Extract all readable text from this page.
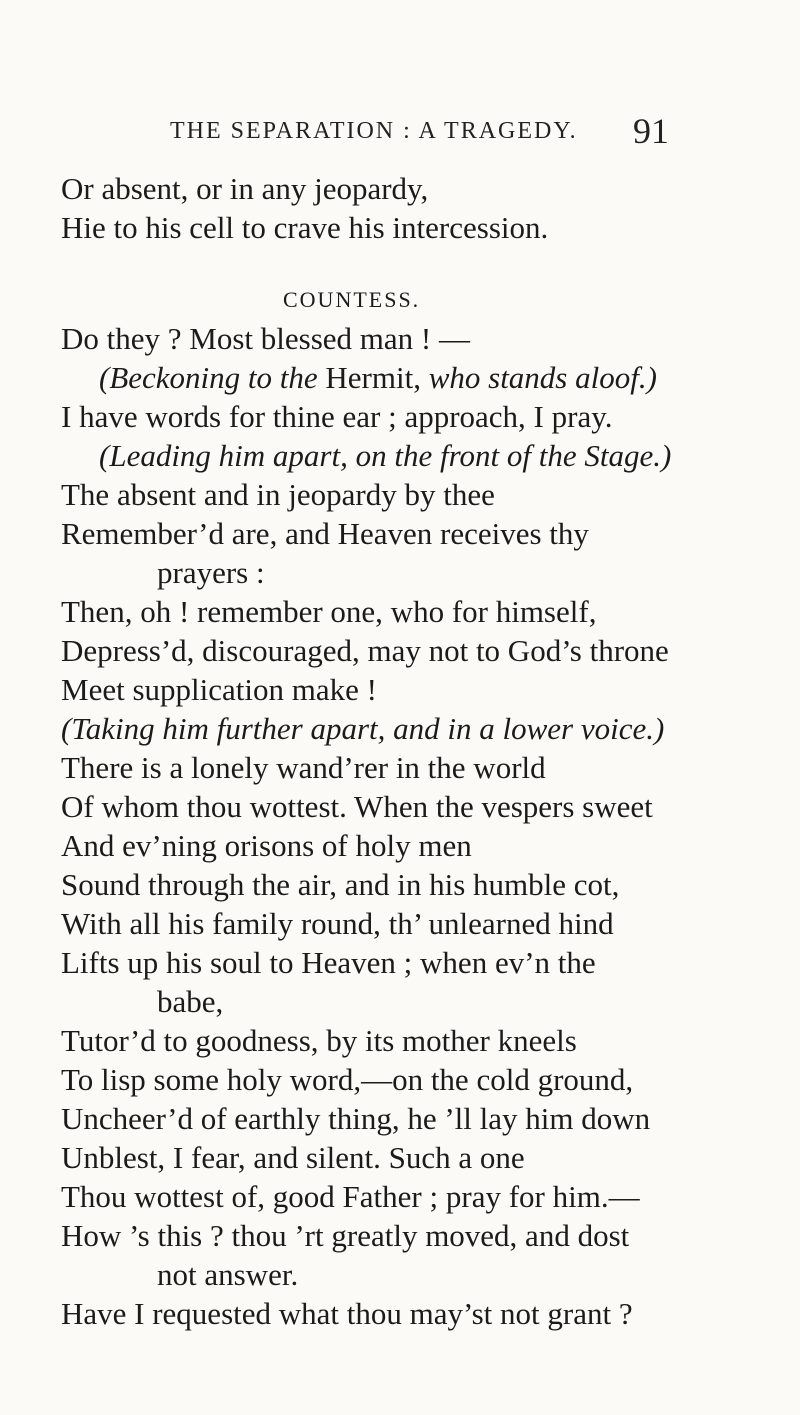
THE SEPARATION : A TRAGEDY. 91
Or absent, or in any jeopardy,
Hie to his cell to crave his intercession.
COUNTESS.
Do they ? Most blessed man ! —
(Beckoning to the Hermit, who stands aloof.)
I have words for thine ear ; approach, I pray.
(Leading him apart, on the front of the Stage.)
The absent and in jeopardy by thee
Remember’d are, and Heaven receives thy
prayers :
Then, oh ! remember one, who for himself,
Depress’d, discouraged, may not to God’s throne
Meet supplication make !
(Taking him further apart, and in a lower voice.)
There is a lonely wand’rer in the world
Of whom thou wottest. When the vespers sweet
And ev’ning orisons of holy men
Sound through the air, and in his humble cot,
With all his family round, th’ unlearned hind
Lifts up his soul to Heaven ; when ev’n the
babe,
Tutor’d to goodness, by its mother kneels
To lisp some holy word,—on the cold ground,
Uncheer’d of earthly thing, he ’ll lay him down
Unblest, I fear, and silent. Such a one
Thou wottest of, good Father ; pray for him.—
How ’s this ? thou ’rt greatly moved, and dost
not answer.
Have I requested what thou may’st not grant ?
